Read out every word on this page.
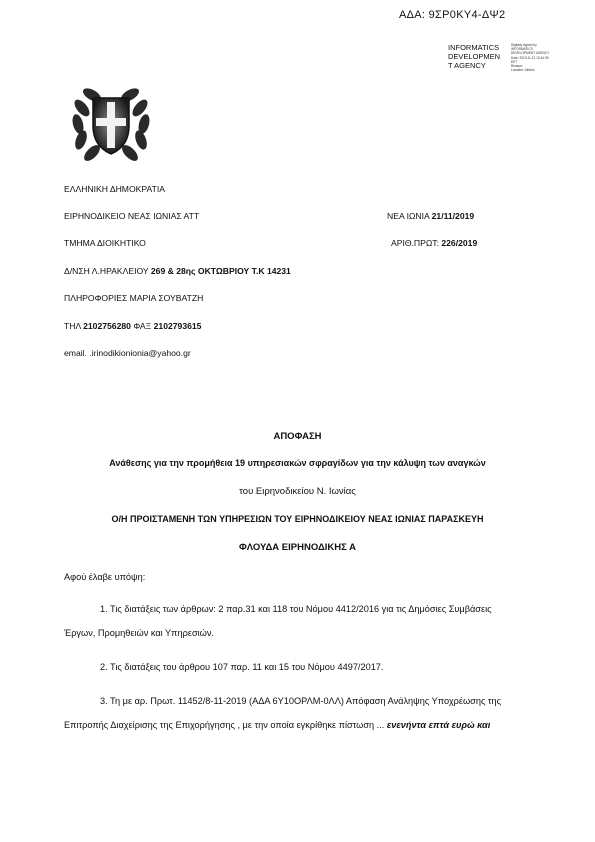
ΑΔΑ: 9ΣΡ0ΚΥ4-ΔΨ2
INFORMATICS
DEVELOPMEN
T AGENCY
Digitally signed by
INFORMATICS
DEVELOPMENT AGENCY
Date: 2019.11.21 12:44:39
EET
Reason:
Location: Athens
ΕΛΛΗΝΙΚΗ ΔΗΜΟΚΡΑΤΙΑ
ΕΙΡΗΝΟΔΙΚΕΙΟ ΝΕΑΣ ΙΩΝΙΑΣ ΑΤΤ	ΝΕΑ ΙΩΝΙΑ 21/11/2019
ΤΜΗΜΑ ΔΙΟΙΚΗΤΙΚΟ	ΑΡΙΘ.ΠΡΩΤ: 226/2019
Δ/ΝΣΗ Λ.ΗΡΑΚΛΕΙΟΥ 269 & 28ης ΟΚΤΩΒΡΙΟΥ Τ.Κ 14231
ΠΛΗΡΟΦΟΡΙΕΣ ΜΑΡΙΑ ΣΟΥΒΑΤΖΗ
ΤΗΛ 2102756280 ΦΑΞ 2102793615
email. .irinodikionionia@yahoo.gr
ΑΠΟΦΑΣΗ
Ανάθεσης για την προμήθεια 19 υπηρεσιακών σφραγίδων για την κάλυψη των αναγκών
του Ειρηνοδικείου Ν. Ιωνίας
Ο/Η ΠΡΟΙΣΤΑΜΕΝΗ ΤΩΝ ΥΠΗΡΕΣΙΩΝ ΤΟΥ ΕΙΡΗΝΟΔΙΚΕΙΟΥ ΝΕΑΣ ΙΩΝΙΑΣ ΠΑΡΑΣΚΕΥΗ
ΦΛΟΥΔΑ ΕΙΡΗΝΟΔΙΚΗΣ Α
Αφού έλαβε υπόψη:
1. Τις διατάξεις των άρθρων: 2 παρ.31 και 118 του Νόμου 4412/2016 για τις Δημόσιες Συμβάσεις
Έργων, Προμηθειών και Υπηρεσιών.
2. Τις διατάξεις του άρθρου 107 παρ. 11 και 15 του Νόμου 4497/2017.
3. Τη με αρ. Πρωτ. 11452/8-11-2019 (ΑΔΑ 6Υ10ΟΡΛΜ-0ΛΛ) Απόφαση Ανάληψης Υποχρέωσης της
Επιτροπής Διαχείρισης της Επιχορήγησης , με την οποία εγκρίθηκε πίστωση ... ενενήντα επτά ευρώ και
